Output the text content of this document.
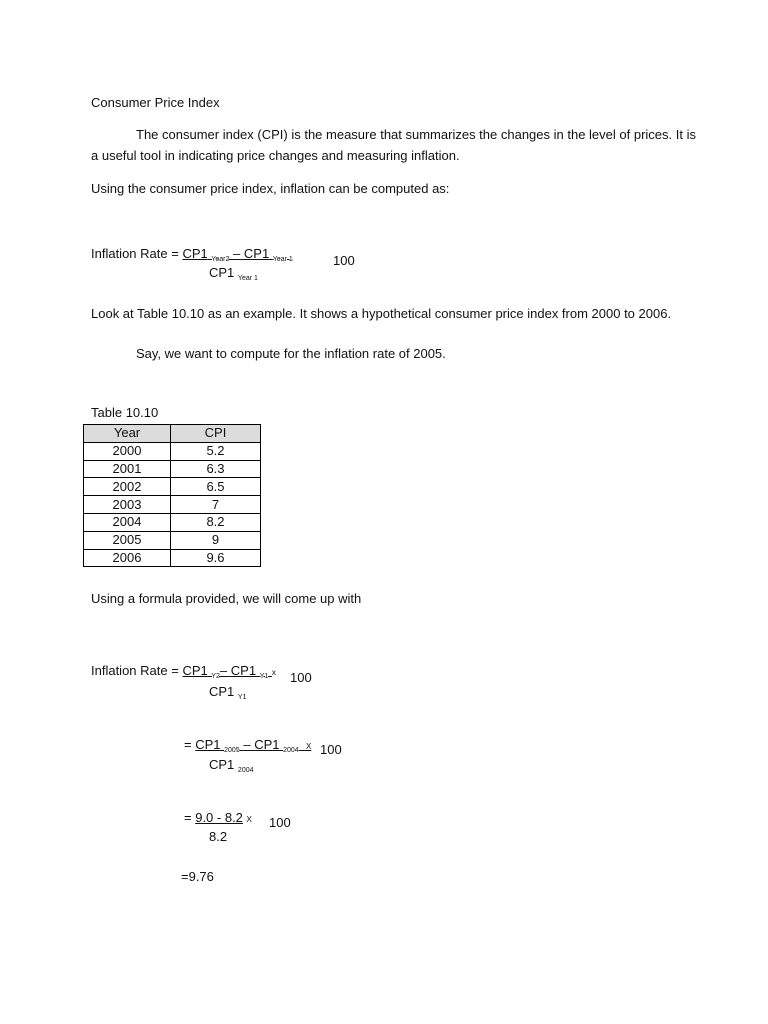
Consumer Price Index
The consumer index (CPI) is the measure that summarizes the changes in the level of prices. It is
a useful tool in indicating price changes and measuring inflation.
Using the consumer price index, inflation can be computed as:
Inflation Rate = CP1 $_{Year2}$ – CP1 $_{Year 1}$
CP1 $_{Year 1}$
100
Look at Table 10.10 as an example. It shows a hypothetical consumer price index from 2000 to 2006.
Say, we want to compute for the inflation rate of 2005.
Table 10.10
Year	CPI
2000	5.2
2001	6.3
2002	6.5
2003	7
2004	8.2
2005	9
2006	9.6
Using a formula provided, we will come up with
Inflation Rate = CP1 $_{Y2}$– CP1 $_{Y1}$ x
CP1 $_{Y1}$
100
= CP1 $_{2005}$ – CP1 $_{2004}$ X
CP1 $_{2004}$
100
= 9.0 - 8.2 X
8.2
100
=9.76
